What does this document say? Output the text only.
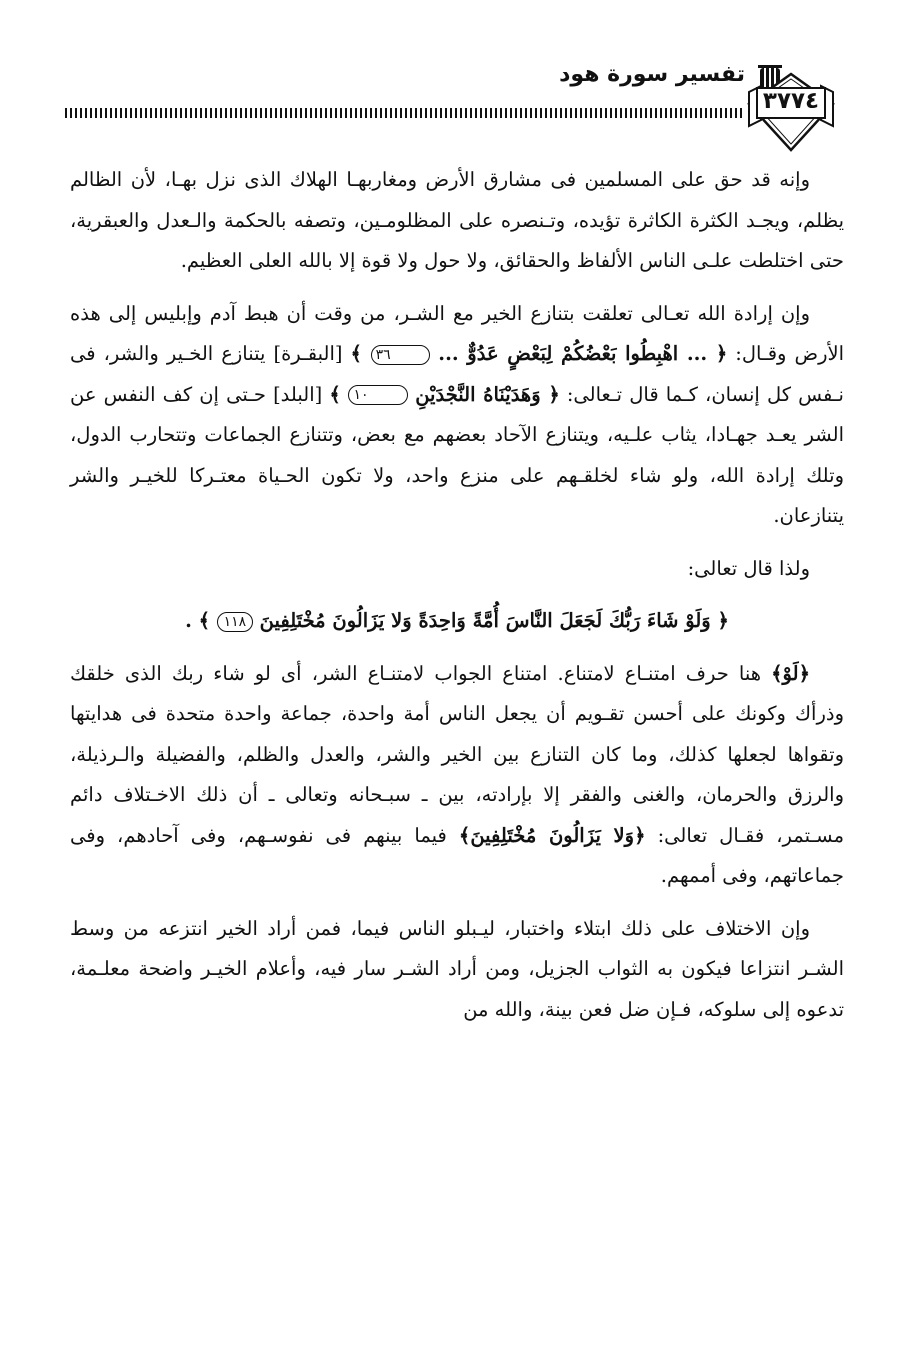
تفسير سورة هود
٣٧٧٤

وإنه قد حق على المسلمين فى مشارق الأرض ومغاربهـا الهلاك الذى نزل بهـا، لأن الظالم يظلم، ويجـد الكثرة الكاثرة تؤيده، وتـنصره على المظلومـين، وتصفه بالحكمة والـعدل والعبقرية، حتى اختلطت علـى الناس الألفاظ والحقائق، ولا حول ولا قوة إلا بالله العلى العظيم.

وإن إرادة الله تعـالى تعلقت بتنازع الخير مع الشـر، من وقت أن هبط آدم وإبليس إلى هذه الأرض وقـال: ﴿ ... اهْبِطُوا بَعْضُكُمْ لِبَعْضٍ عَدُوٌّ ... ٣٦ ﴾ [البقـرة] يتنازع الخـير والشر، فى نـفس كل إنسان، كـما قال تـعالى: ﴿ وَهَدَيْنَاهُ النَّجْدَيْنِ ١٠ ﴾ [البلد] حـتى إن كف النفس عن الشر يعـد جهـادا، يثاب علـيه، ويتنازع الآحاد بعضهم مع بعض، وتتنازع الجماعات وتتحارب الدول، وتلك إرادة الله، ولو شاء لخلقـهم على منزع واحد، ولا تكون الحـياة معتـركا للخيـر والشر يتنازعان.

ولذا قال تعالى:

﴿ وَلَوْ شَاءَ رَبُّكَ لَجَعَلَ النَّاسَ أُمَّةً وَاحِدَةً وَلا يَزَالُونَ مُخْتَلِفِينَ ١١٨ ﴾ .

﴿لَوْ﴾ هنا حرف امتنـاع لامتناع. امتناع الجواب لامتنـاع الشر، أى لو شاء ربك الذى خلقك وذرأك وكونك على أحسن تقـويم أن يجعل الناس أمة واحدة، جماعة واحدة متحدة فى هدايتها وتقواها لجعلها كذلك، وما كان التنازع بين الخير والشر، والعدل والظلم، والفضيلة والـرذيلة، والرزق والحرمان، والغنى والفقر إلا بإرادته، بين ـ سبـحانه وتعالى ـ أن ذلك الاخـتلاف دائم مسـتمر، فقـال تعالى: ﴿وَلا يَزَالُونَ مُخْتَلِفِينَ﴾ فيما بينهم فى نفوسـهم، وفى آحادهم، وفى جماعاتهم، وفى أممهم.

وإن الاختلاف على ذلك ابتلاء واختبار، ليـبلو الناس فيما، فمن أراد الخير انتزعه من وسط الشـر انتزاعا فيكون به الثواب الجزيل، ومن أراد الشـر سار فيه، وأعلام الخيـر واضحة معلـمة، تدعوه إلى سلوكه، فـإن ضل فعن بينة، والله من
